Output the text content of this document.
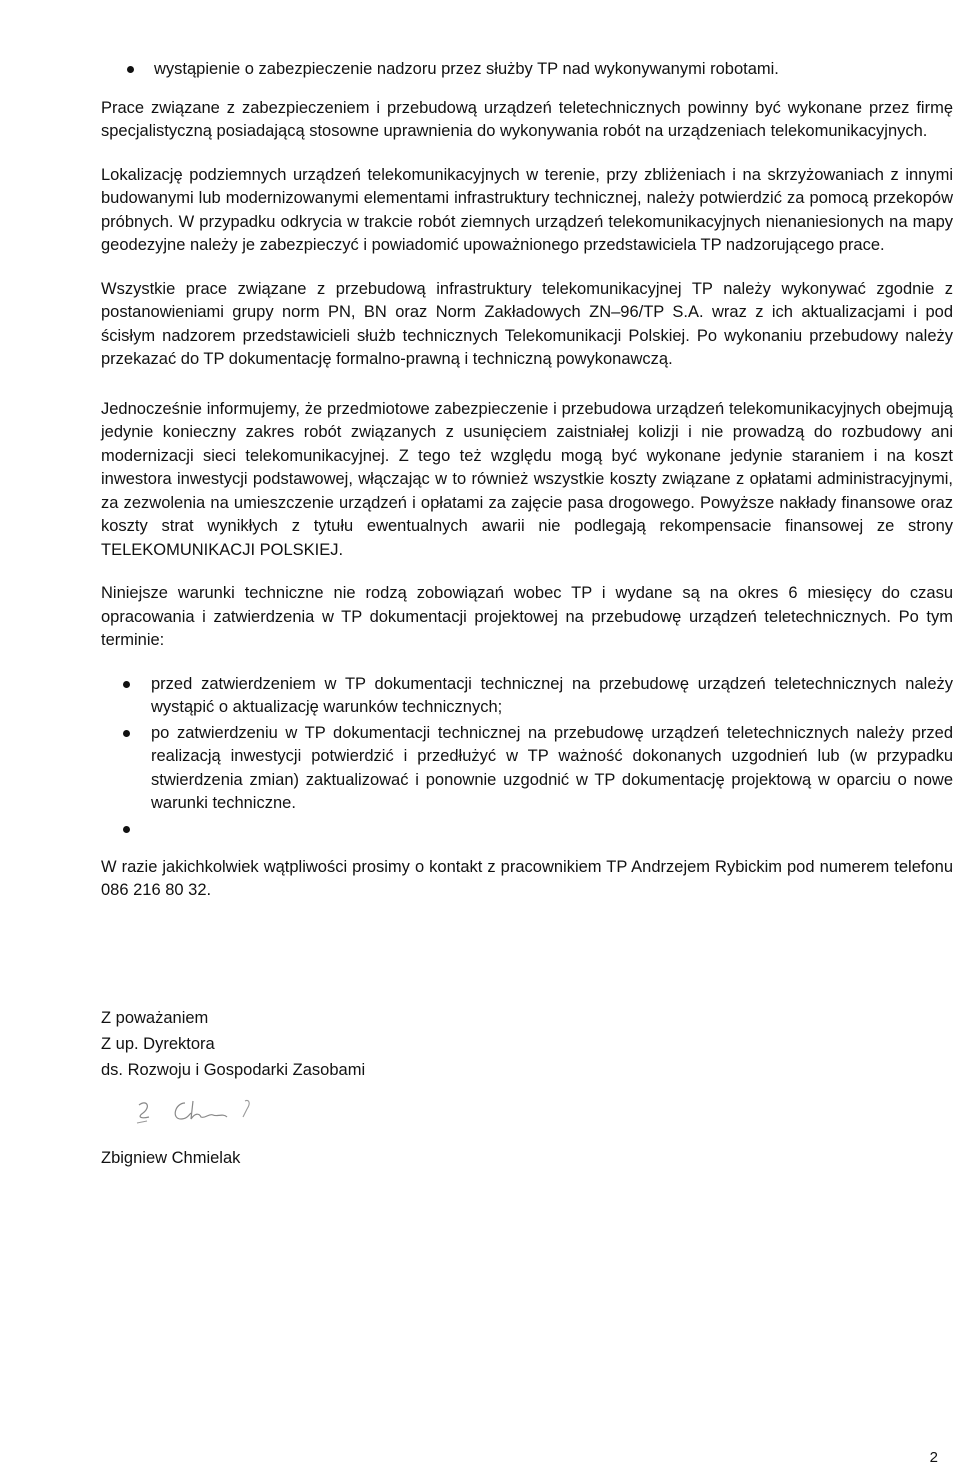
wystąpienie o zabezpieczenie nadzoru przez służby TP nad wykonywanymi robotami.

Prace związane z zabezpieczeniem i przebudową urządzeń teletechnicznych powinny być wykonane przez firmę specjalistyczną posiadającą stosowne uprawnienia do wykonywania robót na urządzeniach telekomunikacyjnych.

Lokalizację podziemnych urządzeń telekomunikacyjnych w terenie, przy zbliżeniach i na skrzyżowaniach z innymi budowanymi lub modernizowanymi elementami infrastruktury technicznej, należy potwierdzić za pomocą przekopów próbnych. W przypadku odkrycia w trakcie robót ziemnych urządzeń telekomunikacyjnych nienaniesionych na mapy geodezyjne należy je zabezpieczyć i powiadomić upoważnionego przedstawiciela TP nadzorującego prace.

Wszystkie prace związane z przebudową infrastruktury telekomunikacyjnej TP należy wykonywać zgodnie z postanowieniami grupy norm PN, BN oraz Norm Zakładowych ZN–96/TP S.A. wraz z ich aktualizacjami i pod ścisłym nadzorem przedstawicieli służb technicznych Telekomunikacji Polskiej. Po wykonaniu przebudowy należy przekazać do TP dokumentację formalno-prawną i techniczną powykonawczą.

Jednocześnie informujemy, że przedmiotowe zabezpieczenie i przebudowa urządzeń telekomunikacyjnych obejmują jedynie konieczny zakres robót związanych z usunięciem zaistniałej kolizji i nie prowadzą do rozbudowy ani modernizacji sieci telekomunikacyjnej. Z tego też względu mogą być wykonane jedynie staraniem i na koszt inwestora inwestycji podstawowej, włączając w to również wszystkie koszty związane z opłatami administracyjnymi, za zezwolenia na umieszczenie urządzeń i opłatami za zajęcie pasa drogowego. Powyższe nakłady finansowe oraz koszty strat wynikłych z tytułu ewentualnych awarii nie podlegają rekompensacie finansowej ze strony TELEKOMUNIKACJI POLSKIEJ.

Niniejsze warunki techniczne nie rodzą zobowiązań wobec TP i wydane są na okres 6 miesięcy do czasu opracowania i zatwierdzenia w TP dokumentacji projektowej na przebudowę urządzeń teletechnicznych. Po tym terminie:

przed zatwierdzeniem w TP dokumentacji technicznej na przebudowę urządzeń teletechnicznych należy wystąpić o aktualizację warunków technicznych;
po zatwierdzeniu w TP dokumentacji technicznej na przebudowę urządzeń teletechnicznych należy przed realizacją inwestycji potwierdzić i przedłużyć w TP ważność dokonanych uzgodnień lub (w przypadku stwierdzenia zmian) zaktualizować i ponownie uzgodnić w TP dokumentację projektową w oparciu o nowe warunki techniczne.

W razie jakichkolwiek wątpliwości prosimy o kontakt z pracownikiem TP Andrzejem Rybickim pod numerem telefonu 086 216 80 32.

Z poważaniem
Z up. Dyrektora
ds. Rozwoju i Gospodarki Zasobami
Zbigniew Chmielak
2
